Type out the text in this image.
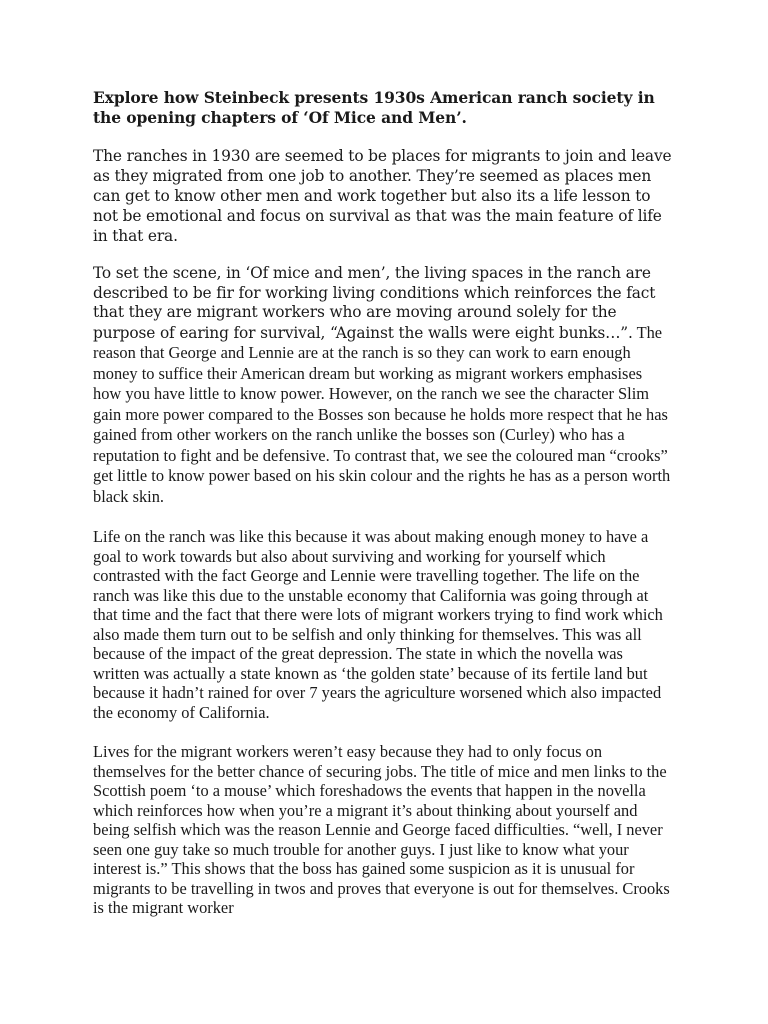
Explore how Steinbeck presents 1930s American ranch society in the opening chapters of ‘Of Mice and Men’.

The ranches in 1930 are seemed to be places for migrants to join and leave as they migrated from one job to another. They’re seemed as places men can get to know other men and work together but also its a life lesson to not be emotional and focus on survival as that was the main feature of life in that era.

To set the scene, in ‘Of mice and men’, the living spaces in the ranch are described to be fir for working living conditions which reinforces the fact that they are migrant workers who are moving around solely for the purpose of earing for survival, “Against the walls were eight bunks…”. The reason that George and Lennie are at the ranch is so they can work to earn enough money to suffice their American dream but working as migrant workers emphasises how you have little to know power. However, on the ranch we see the character Slim gain more power compared to the Bosses son because he holds more respect that he has gained from other workers on the ranch unlike the bosses son (Curley) who has a reputation to fight and be defensive. To contrast that, we see the coloured man “crooks” get little to know power based on his skin colour and the rights he has as a person worth black skin.

Life on the ranch was like this because it was about making enough money to have a goal to work towards but also about surviving and working for yourself which contrasted with the fact George and Lennie were travelling together. The life on the ranch was like this due to the unstable economy that California was going through at that time and the fact that there were lots of migrant workers trying to find work which also made them turn out to be selfish and only thinking for themselves. This was all because of the impact of the great depression. The state in which the novella was written was actually a state known as ‘the golden state’ because of its fertile land but because it hadn’t rained for over 7 years the agriculture worsened which also impacted the economy of California.

Lives for the migrant workers weren’t easy because they had to only focus on themselves for the better chance of securing jobs. The title of mice and men links to the Scottish poem ‘to a mouse’ which foreshadows the events that happen in the novella which reinforces how when you’re a migrant it’s about thinking about yourself and being selfish which was the reason Lennie and George faced difficulties. “well, I never seen one guy take so much trouble for another guys. I just like to know what your interest is.” This shows that the boss has gained some suspicion as it is unusual for migrants to be travelling in twos and proves that everyone is out for themselves. Crooks is the migrant worker
